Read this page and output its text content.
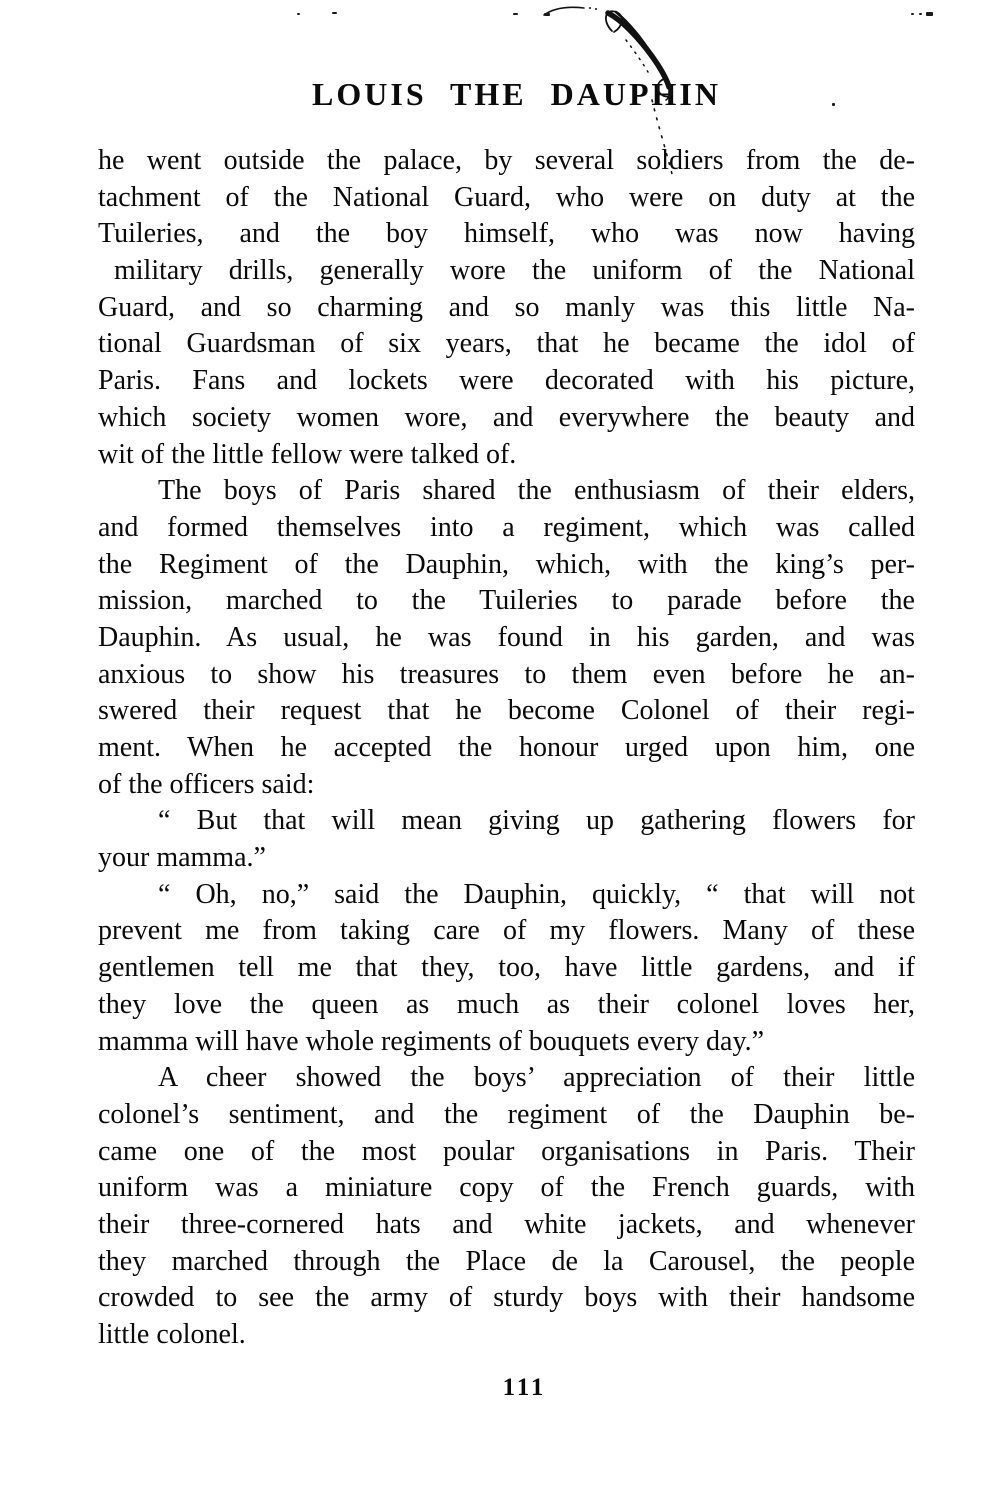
LOUIS THE DAUPHIN
he went outside the palace, by several soldiers from the de-
tachment of the National Guard, who were on duty at the
Tuileries, and the boy himself, who was now having
military drills, generally wore the uniform of the National
Guard, and so charming and so manly was this little Na-
tional Guardsman of six years, that he became the idol of
Paris. Fans and lockets were decorated with his picture,
which society women wore, and everywhere the beauty and
wit of the little fellow were talked of.
The boys of Paris shared the enthusiasm of their elders,
and formed themselves into a regiment, which was called
the Regiment of the Dauphin, which, with the king’s per-
mission, marched to the Tuileries to parade before the
Dauphin. As usual, he was found in his garden, and was
anxious to show his treasures to them even before he an-
swered their request that he become Colonel of their regi-
ment. When he accepted the honour urged upon him, one
of the officers said:
“ But that will mean giving up gathering flowers for
your mamma.”
“ Oh, no,” said the Dauphin, quickly, “ that will not
prevent me from taking care of my flowers. Many of these
gentlemen tell me that they, too, have little gardens, and if
they love the queen as much as their colonel loves her,
mamma will have whole regiments of bouquets every day.”
A cheer showed the boys’ appreciation of their little
colonel’s sentiment, and the regiment of the Dauphin be-
came one of the most poular organisations in Paris. Their
uniform was a miniature copy of the French guards, with
their three-cornered hats and white jackets, and whenever
they marched through the Place de la Carousel, the people
crowded to see the army of sturdy boys with their handsome
little colonel.
111
